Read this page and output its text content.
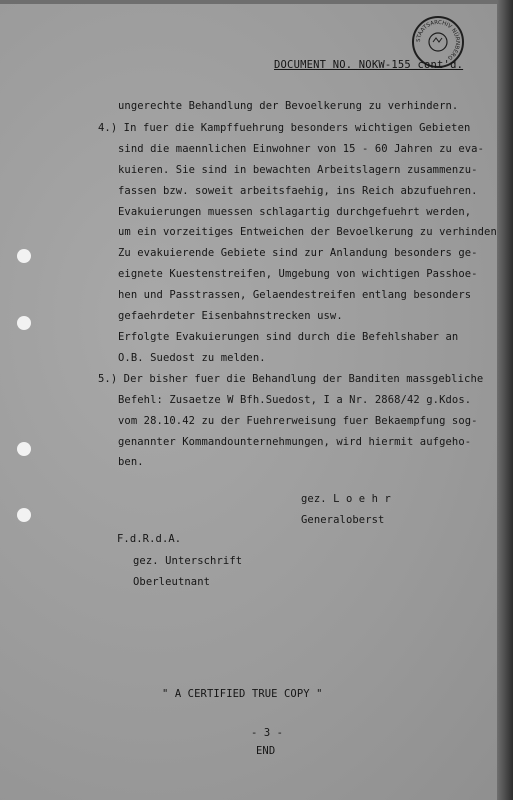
STAATSARCHIV NÜRNBERG
DOCUMENT NO. NOKW-155 cont'd.
ungerechte Behandlung der Bevoelkerung zu verhindern.
4.) In fuer die Kampffuehrung besonders wichtigen Gebieten
sind die maennlichen Einwohner von 15 - 60 Jahren zu eva-
kuieren. Sie sind in bewachten Arbeitslagern zusammenzu-
fassen bzw. soweit arbeitsfaehig, ins Reich abzufuehren.
Evakuierungen muessen schlagartig durchgefuehrt werden,
um ein vorzeitiges Entweichen der Bevoelkerung zu verhinden
Zu evakuierende Gebiete sind zur Anlandung besonders ge-
eignete Kuestenstreifen, Umgebung von wichtigen Passhoe-
hen und Passtrassen, Gelaendestreifen entlang besonders
gefaehrdeter Eisenbahnstrecken usw.
Erfolgte Evakuierungen sind durch die Befehlshaber an
O.B. Suedost zu melden.
5.) Der bisher fuer die Behandlung der Banditen massgebliche
Befehl: Zusaetze W Bfh.Suedost, I a Nr. 2868/42 g.Kdos.
vom 28.10.42 zu der Fuehrerweisung fuer Bekaempfung sog-
genannter Kommandounternehmungen, wird hiermit aufgeho-
ben.
gez. L o e h r
Generaloberst
F.d.R.d.A.
gez. Unterschrift
Oberleutnant
" A CERTIFIED TRUE COPY "
- 3 -
END
